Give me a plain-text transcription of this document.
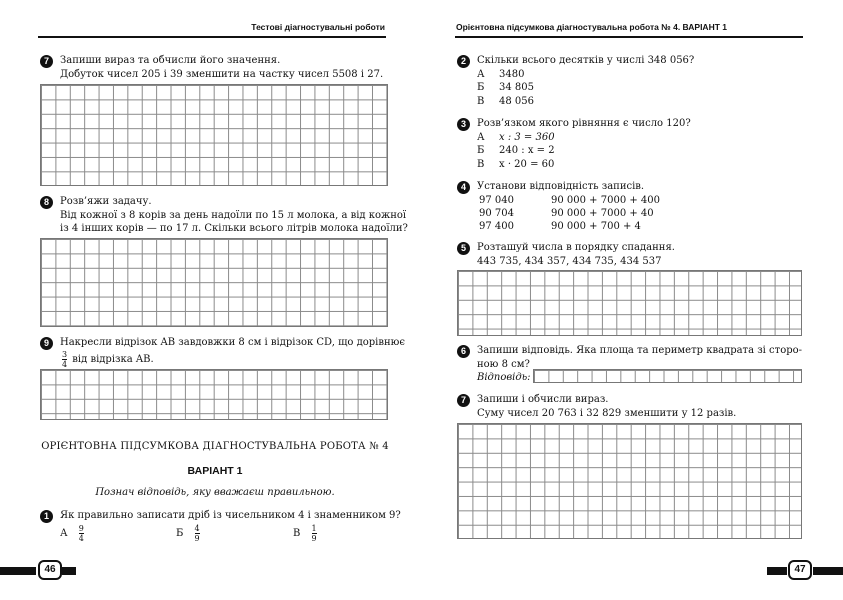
Тестові діагностувальні роботи
7	Запиши вираз та обчисли його значення.
Добуток чисел 205 і 39 зменшити на частку чисел 5508 і 27.
8	Розв’яжи задачу.
Від кожної з 8 корів за день надоїли по 15 л молока, а від кожної
із 4 інших корів — по 17 л. Скільки всього літрів молока надоїли?
9	Накресли відрізок AB завдовжки 8 см і відрізок CD, що дорівнює
$\frac{3}{4}$ від відрізка AB.
ОРІЄНТОВНА ПІДСУМКОВА ДІАГНОСТУВАЛЬНА РОБОТА № 4
ВАРІАНТ 1
Познач відповідь, яку вважаєш правильною.
1	Як правильно записати дріб із чисельником 4 і знаменником 9?
А $\frac{9}{4}$	Б $\frac{4}{9}$	В $\frac{1}{9}$
46
Орієнтовна підсумкова діагностувальна робота № 4. ВАРІАНТ 1
2	Скільки всього десятків у числі 348 056?
А 3480
Б 34 805
В 48 056
3	Розв’язком якого рівняння є число 120?
А x : 3 = 360
Б 240 : x = 2
В x · 20 = 60
4	Установи відповідність записів.
97 040	90 000 + 7000 + 400
90 704	90 000 + 7000 + 40
97 400	90 000 + 700 + 4
5	Розташуй числа в порядку спадання.
443 735, 434 357, 434 735, 434 537
6	Запиши відповідь. Яка площа та периметр квадрата зі сторо-
ною 8 см?
Відповідь:
7	Запиши і обчисли вираз.
Суму чисел 20 763 і 32 829 зменшити у 12 разів.
47
